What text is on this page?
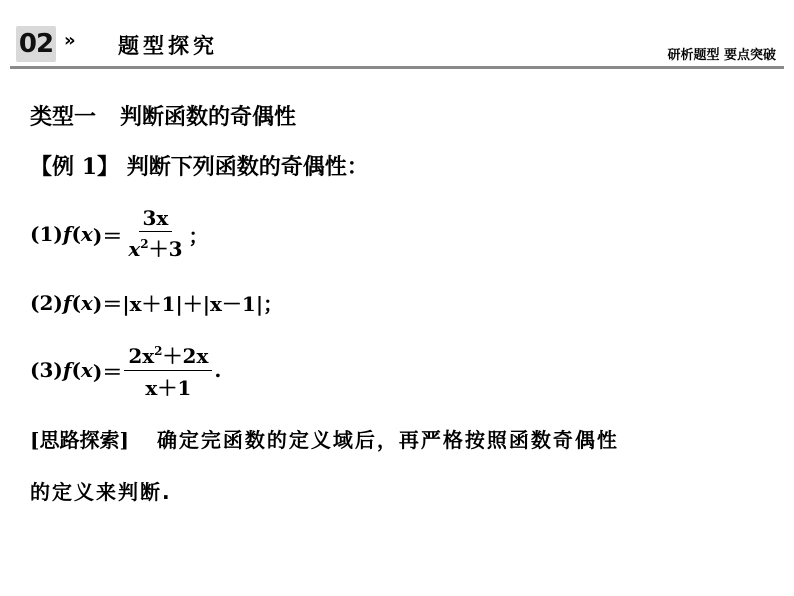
02 » 题型探究	研析题型 要点突破
类型一 判断函数的奇偶性
【例 1】 判断下列函数的奇偶性：
(1) f ( x )＝ $\frac{3x}{x^2+3}$ ；
(2) f ( x )＝ |x＋1|＋|x－1|；
(3) f ( x )＝ $\frac{2x^2+2x}{x+1}$ .
[思路探索] 确定完函数的定义域后，再严格按照函数奇偶性
的定义来判断.
